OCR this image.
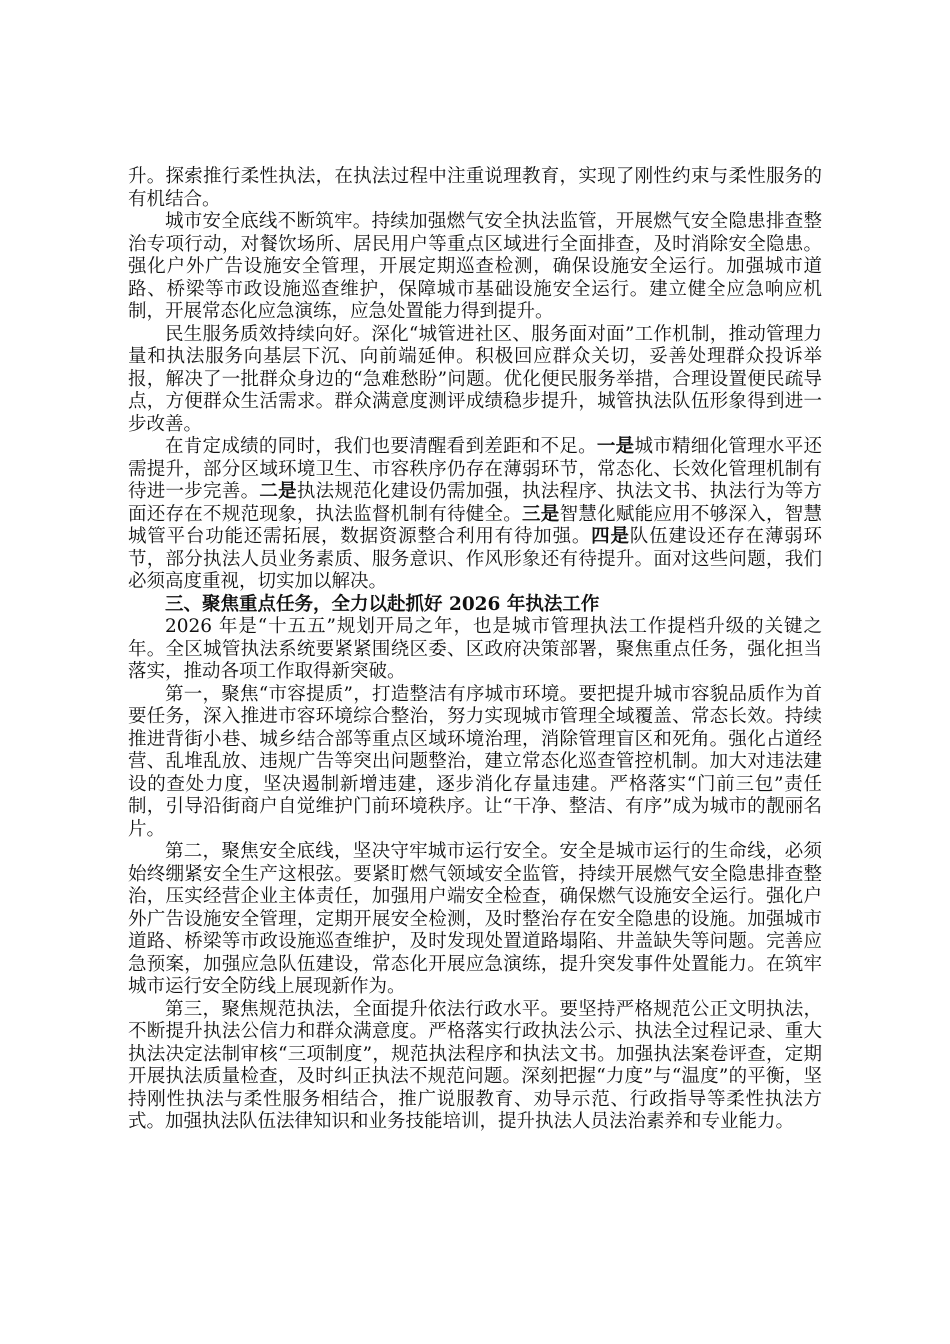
升。探索推行柔性执法，在执法过程中注重说理教育，实现了刚性约束与柔性服务的有机结合。

城市安全底线不断筑牢。持续加强燃气安全执法监管，开展燃气安全隐患排查整治专项行动，对餐饮场所、居民用户等重点区域进行全面排查，及时消除安全隐患。强化户外广告设施安全管理，开展定期巡查检测，确保设施安全运行。加强城市道路、桥梁等市政设施巡查维护，保障城市基础设施安全运行。建立健全应急响应机制，开展常态化应急演练，应急处置能力得到提升。

民生服务质效持续向好。深化“城管进社区、服务面对面”工作机制，推动管理力量和执法服务向基层下沉、向前端延伸。积极回应群众关切，妥善处理群众投诉举报，解决了一批群众身边的“急难愁盼”问题。优化便民服务举措，合理设置便民疏导点，方便群众生活需求。群众满意度测评成绩稳步提升，城管执法队伍形象得到进一步改善。

在肯定成绩的同时，我们也要清醒看到差距和不足。一是城市精细化管理水平还需提升，部分区域环境卫生、市容秩序仍存在薄弱环节，常态化、长效化管理机制有待进一步完善。二是执法规范化建设仍需加强，执法程序、执法文书、执法行为等方面还存在不规范现象，执法监督机制有待健全。三是智慧化赋能应用不够深入，智慧城管平台功能还需拓展，数据资源整合利用有待加强。四是队伍建设还存在薄弱环节，部分执法人员业务素质、服务意识、作风形象还有待提升。面对这些问题，我们必须高度重视，切实加以解决。

三、聚焦重点任务，全力以赴抓好 2026 年执法工作

2026 年是“十五五”规划开局之年，也是城市管理执法工作提档升级的关键之年。全区城管执法系统要紧紧围绕区委、区政府决策部署，聚焦重点任务，强化担当落实，推动各项工作取得新突破。

第一，聚焦“市容提质”，打造整洁有序城市环境。要把提升城市容貌品质作为首要任务，深入推进市容环境综合整治，努力实现城市管理全域覆盖、常态长效。持续推进背街小巷、城乡结合部等重点区域环境治理，消除管理盲区和死角。强化占道经营、乱堆乱放、违规广告等突出问题整治，建立常态化巡查管控机制。加大对违法建设的查处力度，坚决遏制新增违建，逐步消化存量违建。严格落实“门前三包”责任制，引导沿街商户自觉维护门前环境秩序。让“干净、整洁、有序”成为城市的靓丽名片。

第二，聚焦安全底线，坚决守牢城市运行安全。安全是城市运行的生命线，必须始终绷紧安全生产这根弦。要紧盯燃气领域安全监管，持续开展燃气安全隐患排查整治，压实经营企业主体责任，加强用户端安全检查，确保燃气设施安全运行。强化户外广告设施安全管理，定期开展安全检测，及时整治存在安全隐患的设施。加强城市道路、桥梁等市政设施巡查维护，及时发现处置道路塌陷、井盖缺失等问题。完善应急预案，加强应急队伍建设，常态化开展应急演练，提升突发事件处置能力。在筑牢城市运行安全防线上展现新作为。

第三，聚焦规范执法，全面提升依法行政水平。要坚持严格规范公正文明执法，不断提升执法公信力和群众满意度。严格落实行政执法公示、执法全过程记录、重大执法决定法制审核“三项制度”，规范执法程序和执法文书。加强执法案卷评查，定期开展执法质量检查，及时纠正执法不规范问题。深刻把握“力度”与“温度”的平衡，坚持刚性执法与柔性服务相结合，推广说服教育、劝导示范、行政指导等柔性执法方式。加强执法队伍法律知识和业务技能培训，提升执法人员法治素养和专业能力。
